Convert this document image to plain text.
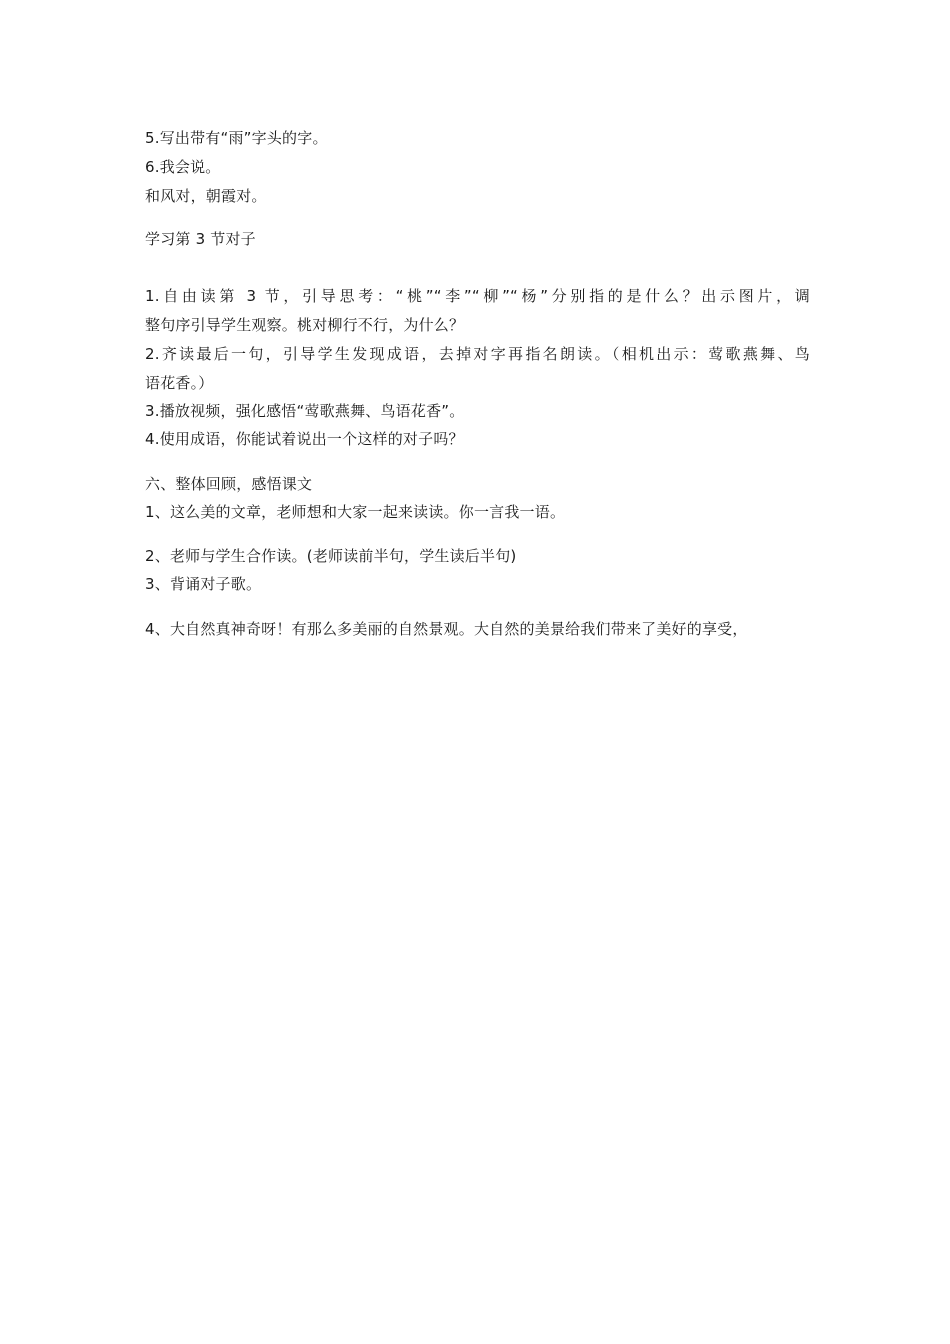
5.写出带有“雨”字头的字。
6.我会说。
和风对，朝霞对。
学习第 3 节对子
1.自由读第 3 节，引导思考：“桃”“李”“柳”“杨”分别指的是什么？出示图片，调
整句序引导学生观察。桃对柳行不行，为什么？
2.齐读最后一句，引导学生发现成语，去掉对字再指名朗读。（相机出示：莺歌燕舞、鸟
语花香。）
3.播放视频，强化感悟“莺歌燕舞、鸟语花香”。
4.使用成语，你能试着说出一个这样的对子吗？
六、整体回顾，感悟课文
1、这么美的文章，老师想和大家一起来读读。你一言我一语。
2、老师与学生合作读。(老师读前半句，学生读后半句)
3、背诵对子歌。
4、大自然真神奇呀！有那么多美丽的自然景观。大自然的美景给我们带来了美好的享受，
